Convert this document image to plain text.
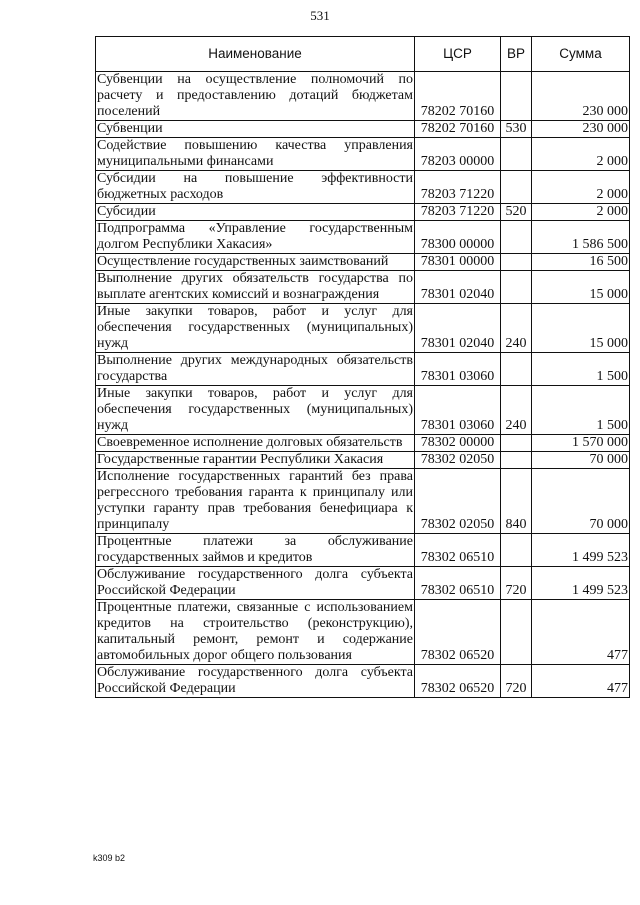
531
Наименование	ЦСР	ВР	Сумма
Субвенции на осуществление полномочий по расчету и предоставлению дотаций бюджетам поселений	78202 70160		230 000
Субвенции	78202 70160	530	230 000
Содействие повышению качества управления муниципальными финансами	78203 00000		2 000
Субсидии на повышение эффективности бюджетных расходов	78203 71220		2 000
Субсидии	78203 71220	520	2 000
Подпрограмма «Управление государственным долгом Республики Хакасия»	78300 00000		1 586 500
Осуществление государственных заимствований	78301 00000		16 500
Выполнение других обязательств государства по выплате агентских комиссий и вознаграждения	78301 02040		15 000
Иные закупки товаров, работ и услуг для обеспечения государственных (муниципальных) нужд	78301 02040	240	15 000
Выполнение других международных обязательств государства	78301 03060		1 500
Иные закупки товаров, работ и услуг для обеспечения государственных (муниципальных) нужд	78301 03060	240	1 500
Своевременное исполнение долговых обязательств	78302 00000		1 570 000
Государственные гарантии Республики Хакасия	78302 02050		70 000
Исполнение государственных гарантий без права регрессного требования гаранта к принципалу или уступки гаранту прав требования бенефициара к принципалу	78302 02050	840	70 000
Процентные платежи за обслуживание государственных займов и кредитов	78302 06510		1 499 523
Обслуживание государственного долга субъекта Российской Федерации	78302 06510	720	1 499 523
Процентные платежи, связанные с использованием кредитов на строительство (реконструкцию), капитальный ремонт, ремонт и содержание автомобильных дорог общего пользования	78302 06520		477
Обслуживание государственного долга субъекта Российской Федерации	78302 06520	720	477
k309 b2
